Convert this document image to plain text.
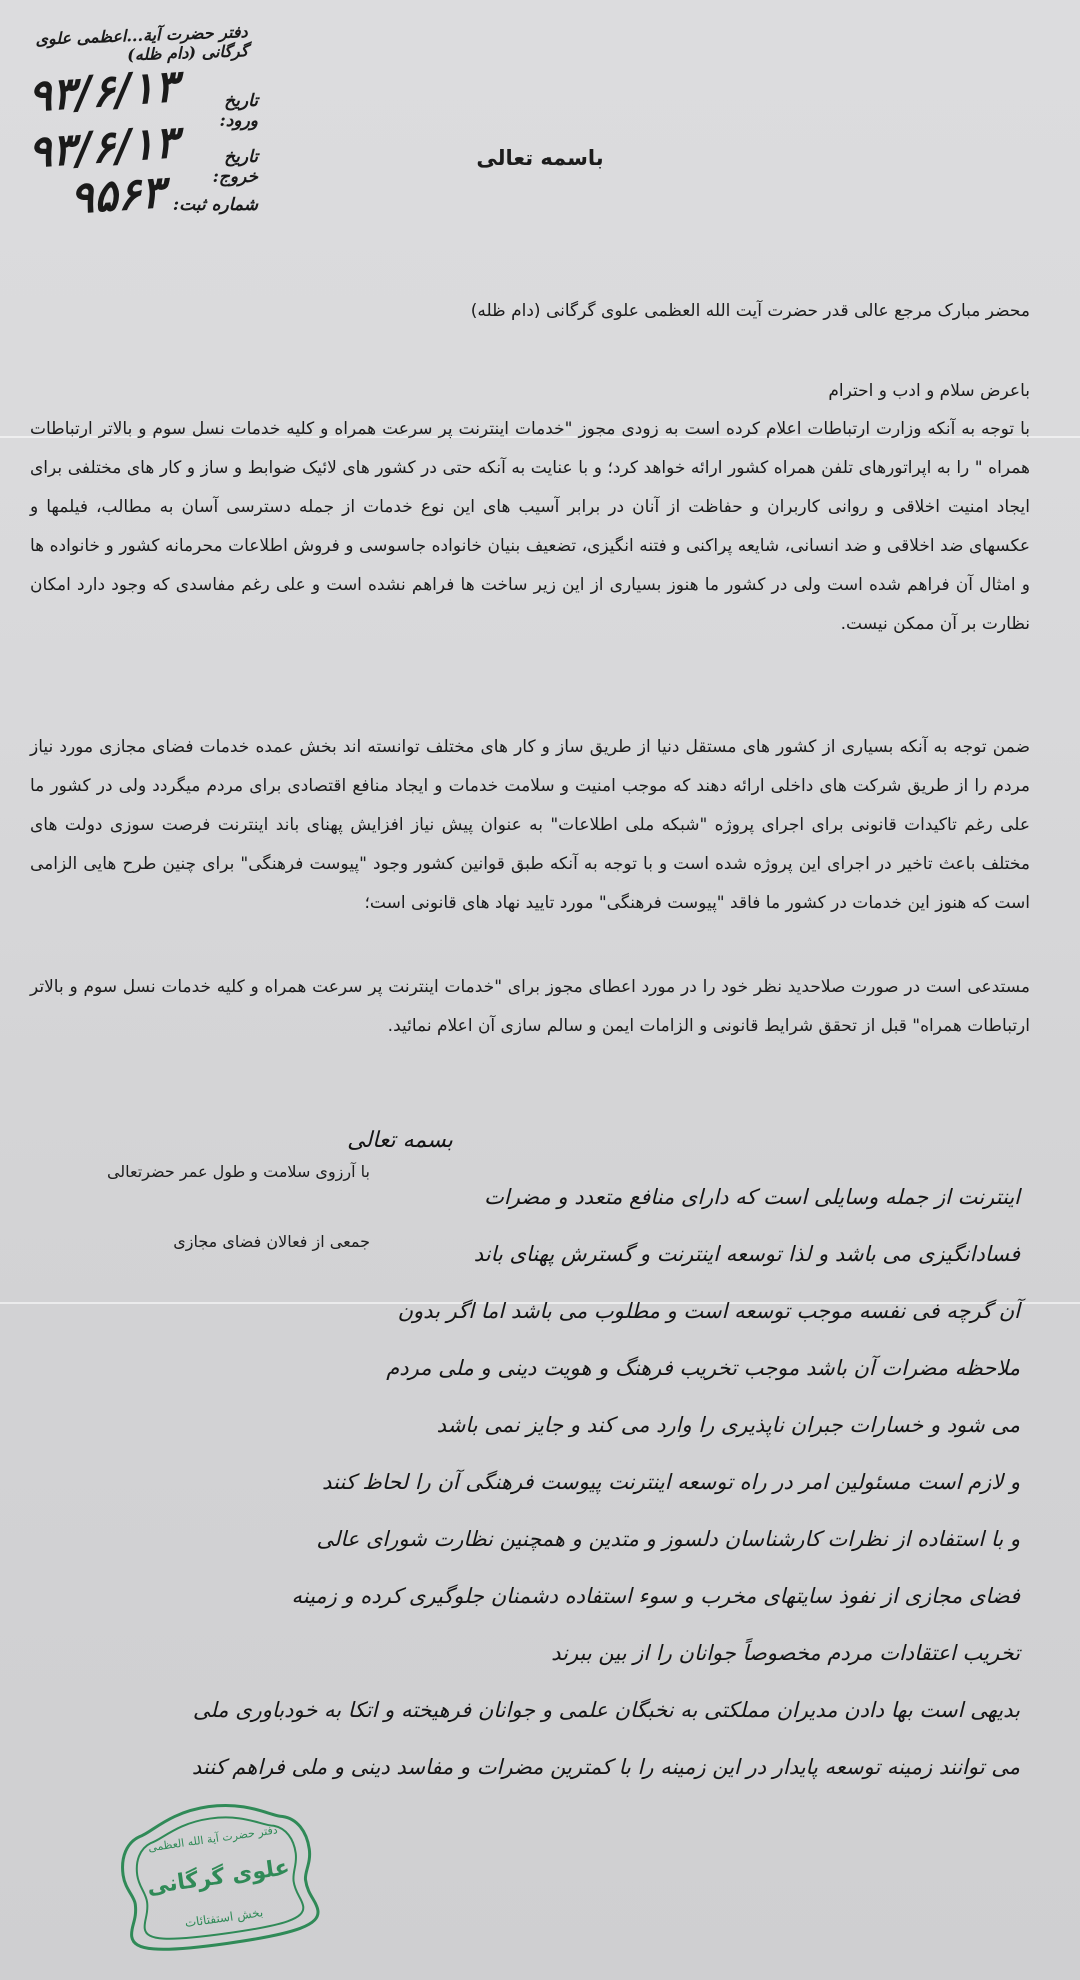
دفتر حضرت آیة...اعظمی علوی گرگانی (دام ظله)
تاریخ ورود:
۹۳/۶/۱۳
تاریخ خروج:
۹۳/۶/۱۳
شماره ثبت:
۹۵۶۳
باسمه تعالی
محضر مبارک مرجع عالی قدر حضرت آیت الله العظمی علوی گرگانی (دام ظله)
باعرض سلام و ادب و احترام
با توجه به آنکه وزارت ارتباطات اعلام کرده است به زودی مجوز "خدمات اینترنت پر سرعت همراه و کلیه خدمات نسل سوم و بالاتر ارتباطات همراه " را به اپراتورهای تلفن همراه کشور ارائه خواهد کرد؛ و با عنایت به آنکه حتی در کشور های لائیک ضوابط و ساز و کار های مختلفی برای ایجاد امنیت اخلاقی و روانی کاربران و حفاظت از آنان در برابر آسیب های این نوع خدمات از جمله دسترسی آسان به مطالب، فیلمها و عکسهای ضد اخلاقی و ضد انسانی، شایعه پراکنی و فتنه انگیزی، تضعیف بنیان خانواده جاسوسی و فروش اطلاعات محرمانه کشور و خانواده ها و امثال آن فراهم شده است ولی در کشور ما هنوز بسیاری از این زیر ساخت ها فراهم نشده است و علی رغم مفاسدی که وجود دارد امکان نظارت بر آن ممکن نیست.
ضمن توجه به آنکه بسیاری از کشور های مستقل دنیا از طریق ساز و کار های مختلف توانسته اند بخش عمده خدمات فضای مجازی مورد نیاز مردم را از طریق شرکت های داخلی ارائه دهند که موجب امنیت و سلامت خدمات و ایجاد منافع اقتصادی برای مردم میگردد ولی در کشور ما علی رغم تاکیدات قانونی برای اجرای پروژه "شبکه ملی اطلاعات" به عنوان پیش نیاز افزایش پهنای باند اینترنت فرصت سوزی دولت های مختلف باعث تاخیر در اجرای این پروژه شده است و با توجه به آنکه طبق قوانین کشور وجود "پیوست فرهنگی" برای چنین طرح هایی الزامی است که هنوز این خدمات در کشور ما فاقد "پیوست فرهنگی" مورد تایید نهاد های قانونی است؛
مستدعی است در صورت صلاحدید نظر خود را در مورد اعطای مجوز برای "خدمات اینترنت پر سرعت همراه و کلیه خدمات نسل سوم و بالاتر ارتباطات همراه" قبل از تحقق شرایط قانونی و الزامات ایمن و سالم سازی آن اعلام نمائید.
با آرزوی سلامت و طول عمر حضرتعالی
جمعی از فعالان فضای مجازی
بسمه تعالی
اینترنت از جمله وسایلی است که دارای منافع متعدد و مضرات
فسادانگیزی می باشد و لذا توسعه اینترنت و گسترش پهنای باند
آن گرچه فی نفسه موجب توسعه است و مطلوب می باشد اما اگر بدون
ملاحظه مضرات آن باشد موجب تخریب فرهنگ و هویت دینی و ملی مردم
می شود و خسارات جبران ناپذیری را وارد می کند و جایز نمی باشد
و لازم است مسئولین امر در راه توسعه اینترنت پیوست فرهنگی آن را لحاظ کنند
و با استفاده از نظرات کارشناسان دلسوز و متدین و همچنین نظارت شورای عالی
فضای مجازی از نفوذ سایتهای مخرب و سوء استفاده دشمنان جلوگیری کرده و زمینه
تخریب اعتقادات مردم مخصوصاً جوانان را از بین ببرند
بدیهی است بها دادن مدیران مملکتی به نخبگان علمی و جوانان فرهیخته و اتکا به خودباوری ملی
می توانند زمینه توسعه پایدار در این زمینه را با کمترین مضرات و مفاسد دینی و ملی فراهم کنند
دفتر حضرت آیة الله العظمی
علوی گرگانی
بخش استفتائات
